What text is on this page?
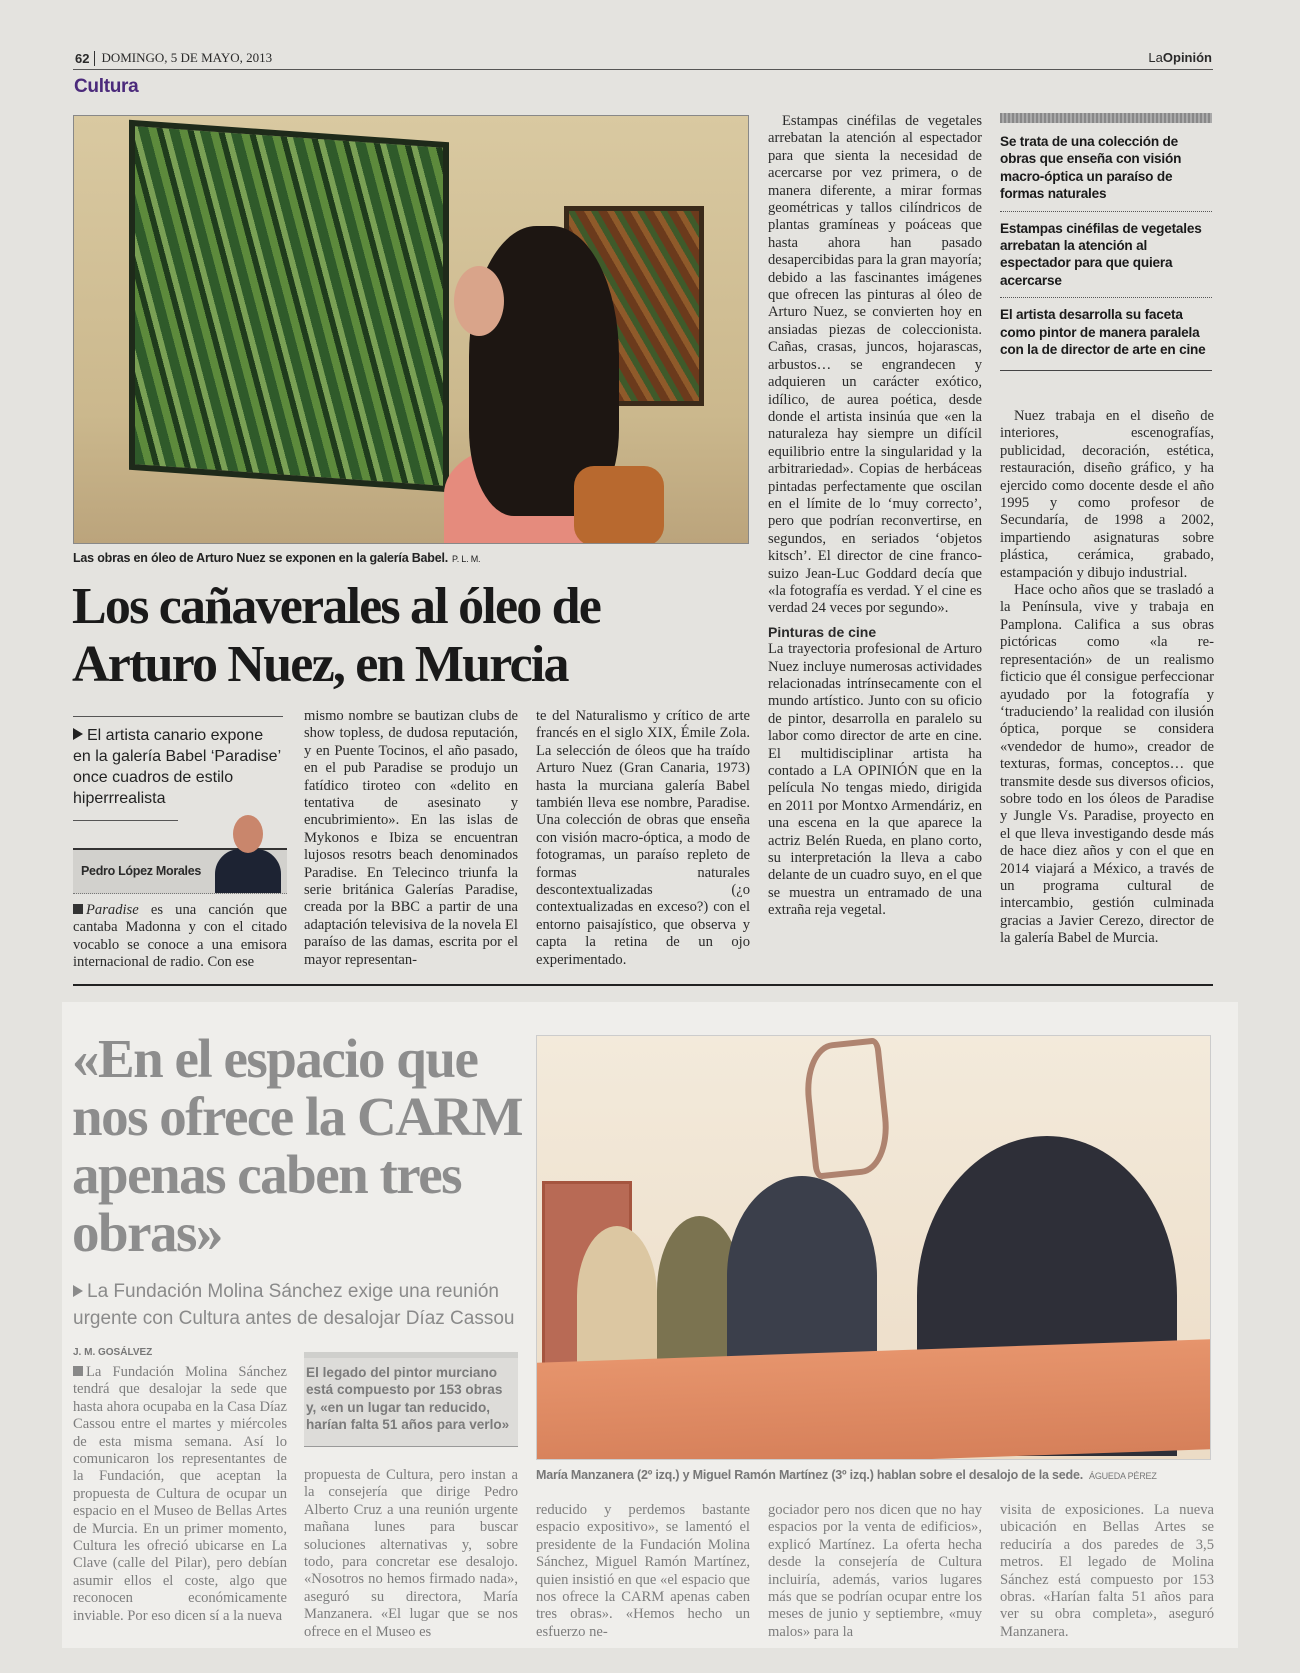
62 DOMINGO, 5 DE MAYO, 2013	LaOpinión
Cultura
Las obras en óleo de Arturo Nuez se exponen en la galería Babel. P. L. M.
Los cañaverales al óleo de
Arturo Nuez, en Murcia
El artista canario expone en la galería Babel ‘Paradise’ once cuadros de estilo hiperrrealista
Pedro López Morales

Paradise es una canción que cantaba Madonna y con el citado vocablo se conoce a una emisora internacional de radio. Con ese

mismo nombre se bautizan clubs de show topless, de dudosa reputación, y en Puente Tocinos, el año pasado, en el pub Paradise se produjo un fatídico tiroteo con «delito en tentativa de asesinato y encubrimiento». En las islas de Mykonos e Ibiza se encuentran lujosos resotrs beach denominados Paradise. En Telecinco triunfa la serie británica Galerías Paradise, creada por la BBC a partir de una adaptación televisiva de la novela El paraíso de las damas, escrita por el mayor representan-

te del Naturalismo y crítico de arte francés en el siglo XIX, Émile Zola. La selección de óleos que ha traído Arturo Nuez (Gran Canaria, 1973) hasta la murciana galería Babel también lleva ese nombre, Paradise. Una colección de obras que enseña con visión macro-óptica, a modo de fotogramas, un paraíso repleto de formas naturales descontextualizadas (¿o contextualizadas en exceso?) con el entorno paisajístico, que observa y capta la retina de un ojo experimentado.

Estampas cinéfilas de vegetales arrebatan la atención al espectador para que sienta la necesidad de acercarse por vez primera, o de manera diferente, a mirar formas geométricas y tallos cilíndricos de plantas gramíneas y poáceas que hasta ahora han pasado desapercibidas para la gran mayoría; debido a las fascinantes imágenes que ofrecen las pinturas al óleo de Arturo Nuez, se convierten hoy en ansiadas piezas de coleccionista. Cañas, crasas, juncos, hojarascas, arbustos… se engrandecen y adquieren un carácter exótico, idílico, de aurea poética, desde donde el artista insinúa que «en la naturaleza hay siempre un difícil equilibrio entre la singularidad y la arbitrariedad». Copias de herbáceas pintadas perfectamente que oscilan en el límite de lo ‘muy correcto’, pero que podrían reconvertirse, en segundos, en seriados ‘objetos kitsch’. El director de cine franco-suizo Jean-Luc Goddard decía que «la fotografía es verdad. Y el cine es verdad 24 veces por segundo».

Pinturas de cine

La trayectoria profesional de Arturo Nuez incluye numerosas actividades relacionadas intrínsecamente con el mundo artístico. Junto con su oficio de pintor, desarrolla en paralelo su labor como director de arte en cine. El multidisciplinar artista ha contado a LA OPINIÓN que en la película No tengas miedo, dirigida en 2011 por Montxo Armendáriz, en una escena en la que aparece la actriz Belén Rueda, en plano corto, su interpretación la lleva a cabo delante de un cuadro suyo, en el que se muestra un entramado de una extraña reja vegetal.

Se trata de una colección de obras que enseña con visión macro-óptica un paraíso de formas naturales
Estampas cinéfilas de vegetales arrebatan la atención al espectador para que quiera acercarse
El artista desarrolla su faceta como pintor de manera paralela con la de director de arte en cine

Nuez trabaja en el diseño de interiores, escenografías, publicidad, decoración, estética, restauración, diseño gráfico, y ha ejercido como docente desde el año 1995 y como profesor de Secundaría, de 1998 a 2002, impartiendo asignaturas sobre plástica, cerámica, grabado, estampación y dibujo industrial.

Hace ocho años que se trasladó a la Península, vive y trabaja en Pamplona. Califica a sus obras pictóricas como «la re-representación» de un realismo ficticio que él consigue perfeccionar ayudado por la fotografía y ‘traduciendo’ la realidad con ilusión óptica, porque se considera «vendedor de humo», creador de texturas, formas, conceptos… que transmite desde sus diversos oficios, sobre todo en los óleos de Paradise y Jungle Vs. Paradise, proyecto en el que lleva investigando desde más de hace diez años y con el que en 2014 viajará a México, a través de un programa cultural de intercambio, gestión culminada gracias a Javier Cerezo, director de la galería Babel de Murcia.

«En el espacio que nos ofrece la CARM apenas caben tres obras»
La Fundación Molina Sánchez exige una reunión urgente con Cultura antes de desalojar Díaz Cassou
J. M. GOSÁLVEZ
El legado del pintor murciano está compuesto por 153 obras y, «en un lugar tan reducido, harían falta 51 años para verlo»
María Manzanera (2º izq.) y Miguel Ramón Martínez (3º izq.) hablan sobre el desalojo de la sede. ÁGUEDA PÉREZ

La Fundación Molina Sánchez tendrá que desalojar la sede que hasta ahora ocupaba en la Casa Díaz Cassou entre el martes y miércoles de esta misma semana. Así lo comunicaron los representantes de la Fundación, que aceptan la propuesta de Cultura de ocupar un espacio en el Museo de Bellas Artes de Murcia. En un primer momento, Cultura les ofreció ubicarse en La Clave (calle del Pilar), pero debían asumir ellos el coste, algo que reconocen económicamente inviable. Por eso dicen sí a la nueva

propuesta de Cultura, pero instan a la consejería que dirige Pedro Alberto Cruz a una reunión urgente mañana lunes para buscar soluciones alternativas y, sobre todo, para concretar ese desalojo. «Nosotros no hemos firmado nada», aseguró su directora, María Manzanera. «El lugar que se nos ofrece en el Museo es

reducido y perdemos bastante espacio expositivo», se lamentó el presidente de la Fundación Molina Sánchez, Miguel Ramón Martínez, quien insistió en que «el espacio que nos ofrece la CARM apenas caben tres obras». «Hemos hecho un esfuerzo ne-

gociador pero nos dicen que no hay espacios por la venta de edificios», explicó Martínez. La oferta hecha desde la consejería de Cultura incluiría, además, varios lugares más que se podrían ocupar entre los meses de junio y septiembre, «muy malos» para la

visita de exposiciones. La nueva ubicación en Bellas Artes se reduciría a dos paredes de 3,5 metros. El legado de Molina Sánchez está compuesto por 153 obras. «Harían falta 51 años para ver su obra completa», aseguró Manzanera.
